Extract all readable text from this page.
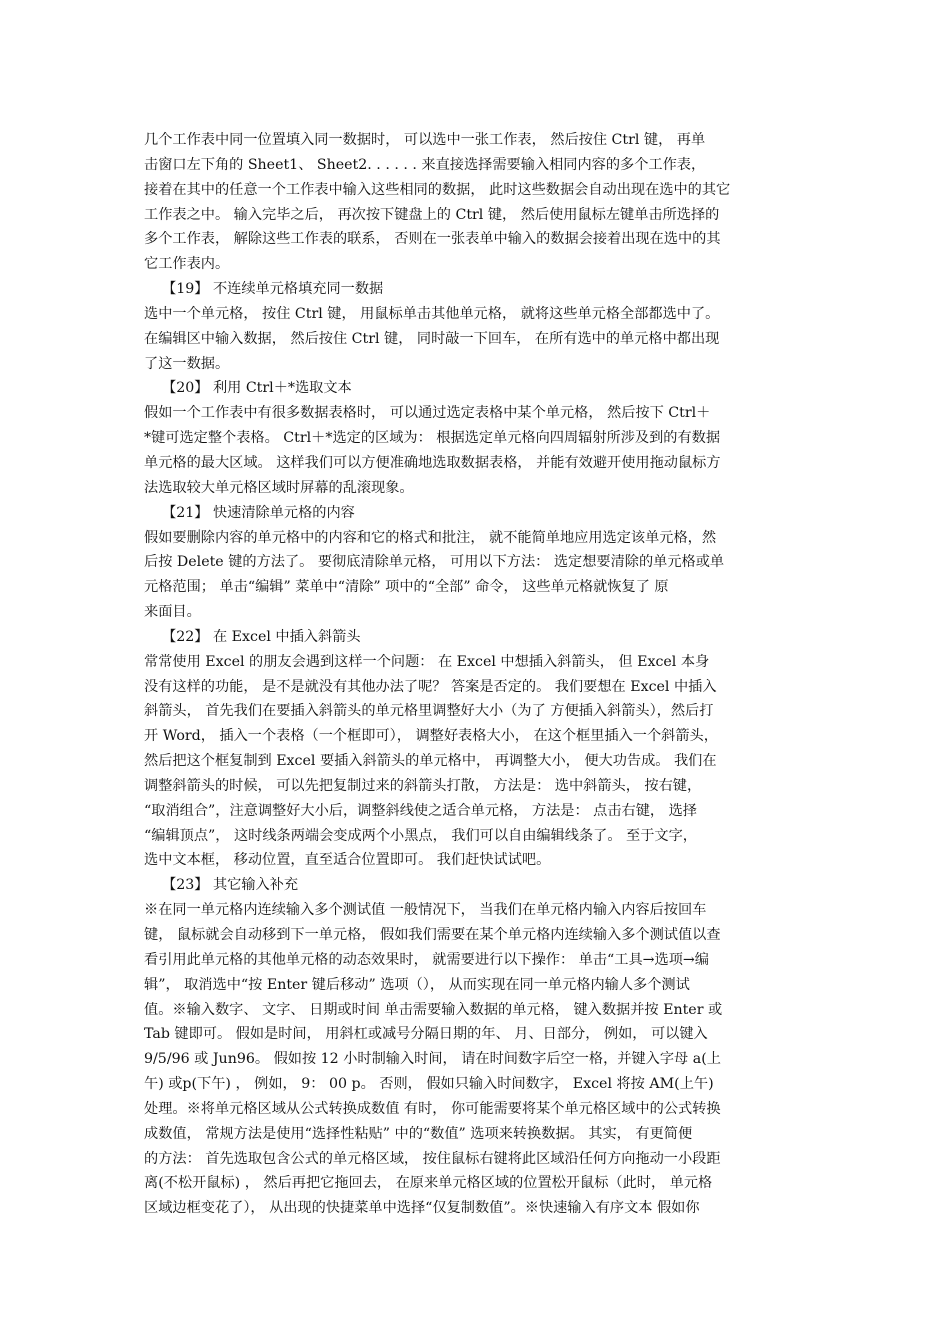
几个工作表中同一位置填入同一数据时， 可以选中一张工作表， 然后按住 Ctrl 键， 再单
击窗口左下角的 Sheet1、 Sheet2. . . . . . 来直接选择需要输入相同内容的多个工作表，
接着在其中的任意一个工作表中输入这些相同的数据， 此时这些数据会自动出现在选中的其它
工作表之中。 输入完毕之后， 再次按下键盘上的 Ctrl 键， 然后使用鼠标左键单击所选择的
多个工作表， 解除这些工作表的联系， 否则在一张表单中输入的数据会接着出现在选中的其
它工作表内。
【19】 不连续单元格填充同一数据
选中一个单元格， 按住 Ctrl 键， 用鼠标单击其他单元格， 就将这些单元格全部都选中了。
在编辑区中输入数据， 然后按住 Ctrl 键， 同时敲一下回车， 在所有选中的单元格中都出现
了这一数据。
【20】 利用 Ctrl＋*选取文本
假如一个工作表中有很多数据表格时， 可以通过选定表格中某个单元格， 然后按下 Ctrl＋
*键可选定整个表格。 Ctrl＋*选定的区域为： 根据选定单元格向四周辐射所涉及到的有数据
单元格的最大区域。 这样我们可以方便准确地选取数据表格， 并能有效避开使用拖动鼠标方
法选取较大单元格区域时屏幕的乱滚现象。
【21】 快速清除单元格的内容
假如要删除内容的单元格中的内容和它的格式和批注， 就不能简单地应用选定该单元格，然
后按 Delete 键的方法了。 要彻底清除单元格， 可用以下方法： 选定想要清除的单元格或单
元格范围； 单击“编辑” 菜单中“清除” 项中的“全部” 命令， 这些单元格就恢复了 原
来面目。
【22】 在 Excel 中插入斜箭头
常常使用 Excel 的朋友会遇到这样一个问题： 在 Excel 中想插入斜箭头， 但 Excel 本身
没有这样的功能， 是不是就没有其他办法了呢？ 答案是否定的。 我们要想在 Excel 中插入
斜箭头， 首先我们在要插入斜箭头的单元格里调整好大小（为了 方便插入斜箭头），然后打
开 Word， 插入一个表格（一个框即可）， 调整好表格大小， 在这个框里插入一个斜箭头，
然后把这个框复制到 Excel 要插入斜箭头的单元格中， 再调整大小， 便大功告成。 我们在
调整斜箭头的时候， 可以先把复制过来的斜箭头打散， 方法是： 选中斜箭头， 按右键，
“取消组合”，注意调整好大小后，调整斜线使之适合单元格， 方法是： 点击右键， 选择
“编辑顶点”， 这时线条两端会变成两个小黑点， 我们可以自由编辑线条了。 至于文字，
选中文本框， 移动位置，直至适合位置即可。 我们赶快试试吧。
【23】 其它输入补充
※在同一单元格内连续输入多个测试值 一般情况下， 当我们在单元格内输入内容后按回车
键， 鼠标就会自动移到下一单元格， 假如我们需要在某个单元格内连续输入多个测试值以查
看引用此单元格的其他单元格的动态效果时， 就需要进行以下操作： 单击“工具→选项→编
辑”， 取消选中“按 Enter 键后移动” 选项（）， 从而实现在同一单元格内输人多个测试
值。※输入数字、 文字、 日期或时间 单击需要输入数据的单元格， 键入数据并按 Enter 或
Tab 键即可。 假如是时间， 用斜杠或减号分隔日期的年、 月、日部分， 例如， 可以键入
9/5/96 或 Jun96。 假如按 12 小时制输入时间， 请在时间数字后空一格，并键入字母 a(上
午) 或p(下午) ， 例如， 9： 00 p。 否则， 假如只输入时间数字， Excel 将按 AM(上午)
处理。※将单元格区域从公式转换成数值 有时， 你可能需要将某个单元格区域中的公式转换
成数值， 常规方法是使用“选择性粘贴” 中的“数值” 选项来转换数据。 其实， 有更简便
的方法： 首先选取包含公式的单元格区域， 按住鼠标右键将此区域沿任何方向拖动一小段距
离(不松开鼠标) ， 然后再把它拖回去， 在原来单元格区域的位置松开鼠标（此时， 单元格
区域边框变花了）， 从出现的快捷菜单中选择“仅复制数值”。※快速输入有序文本 假如你
